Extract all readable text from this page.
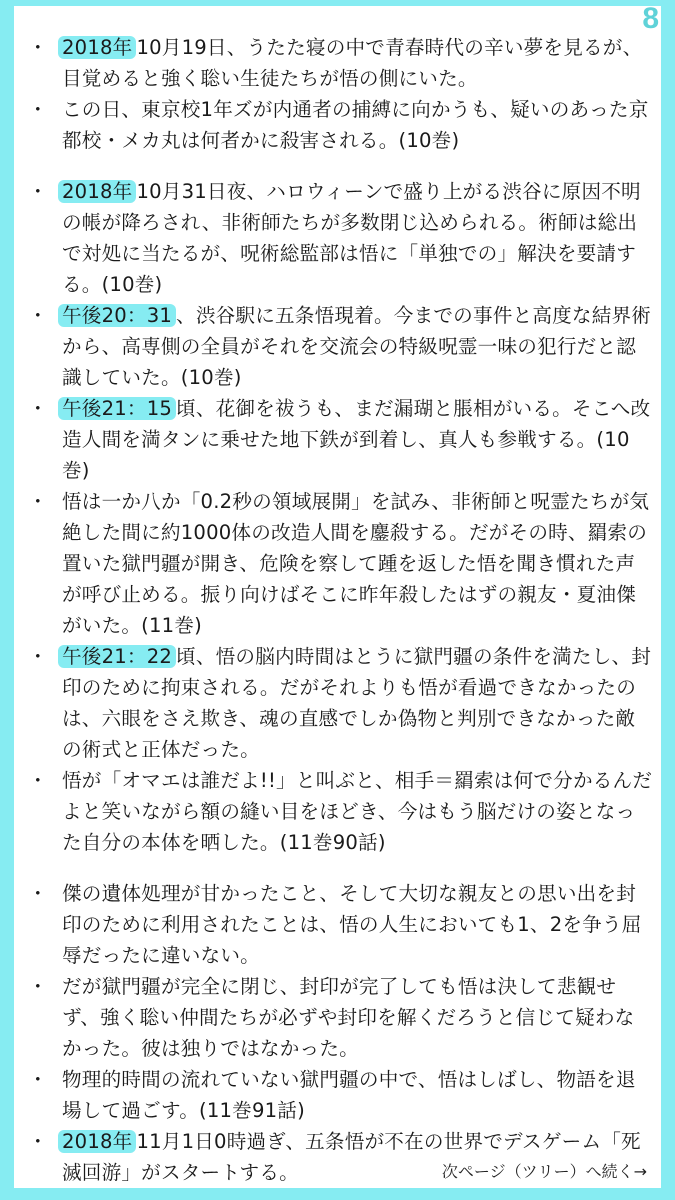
8
・ 2018年 10月19日、うたた寝の中で青春時代の辛い夢を見るが、目覚めると強く聡い生徒たちが悟の側にいた。
・ この日、東京校1年ズが内通者の捕縛に向かうも、疑いのあった京都校・メカ丸は何者かに殺害される。(10巻)
・ 2018年 10月31日夜、ハロウィーンで盛り上がる渋谷に原因不明の帳が降ろされ、非術師たちが多数閉じ込められる。術師は総出で対処に当たるが、呪術総監部は悟に「単独での」解決を要請する。(10巻)
・ 午後20：31 、渋谷駅に五条悟現着。今までの事件と高度な結界術から、高専側の全員がそれを交流会の特級呪霊一味の犯行だと認識していた。(10巻)
・ 午後21：15 頃、花御を祓うも、まだ漏瑚と脹相がいる。そこへ改造人間を満タンに乗せた地下鉄が到着し、真人も参戦する。(10巻)
・ 悟は一か八か「0.2秒の領域展開」を試み、非術師と呪霊たちが気絶した間に約1000体の改造人間を鏖殺する。だがその時、羂索の置いた獄門疆が開き、危険を察して踵を返した悟を聞き慣れた声が呼び止める。振り向けばそこに昨年殺したはずの親友・夏油傑がいた。(11巻)
・ 午後21：22 頃、悟の脳内時間はとうに獄門疆の条件を満たし、封印のために拘束される。だがそれよりも悟が看過できなかったのは、六眼をさえ欺き、魂の直感でしか偽物と判別できなかった敵の術式と正体だった。
・ 悟が「オマエは誰だよ!!」と叫ぶと、相手＝羂索は何で分かるんだよと笑いながら額の縫い目をほどき、今はもう脳だけの姿となった自分の本体を晒した。(11巻90話)
・ 傑の遺体処理が甘かったこと、そして大切な親友との思い出を封印のために利用されたことは、悟の人生においても1、2を争う屈辱だったに違いない。
・ だが獄門疆が完全に閉じ、封印が完了しても悟は決して悲観せず、強く聡い仲間たちが必ずや封印を解くだろうと信じて疑わなかった。彼は独りではなかった。
・ 物理的時間の流れていない獄門疆の中で、悟はしばし、物語を退場して過ごす。(11巻91話)
・ 2018年 11月1日0時過ぎ、五条悟が不在の世界でデスゲーム「死滅回游」がスタートする。	次ページ（ツリー）へ続く→
